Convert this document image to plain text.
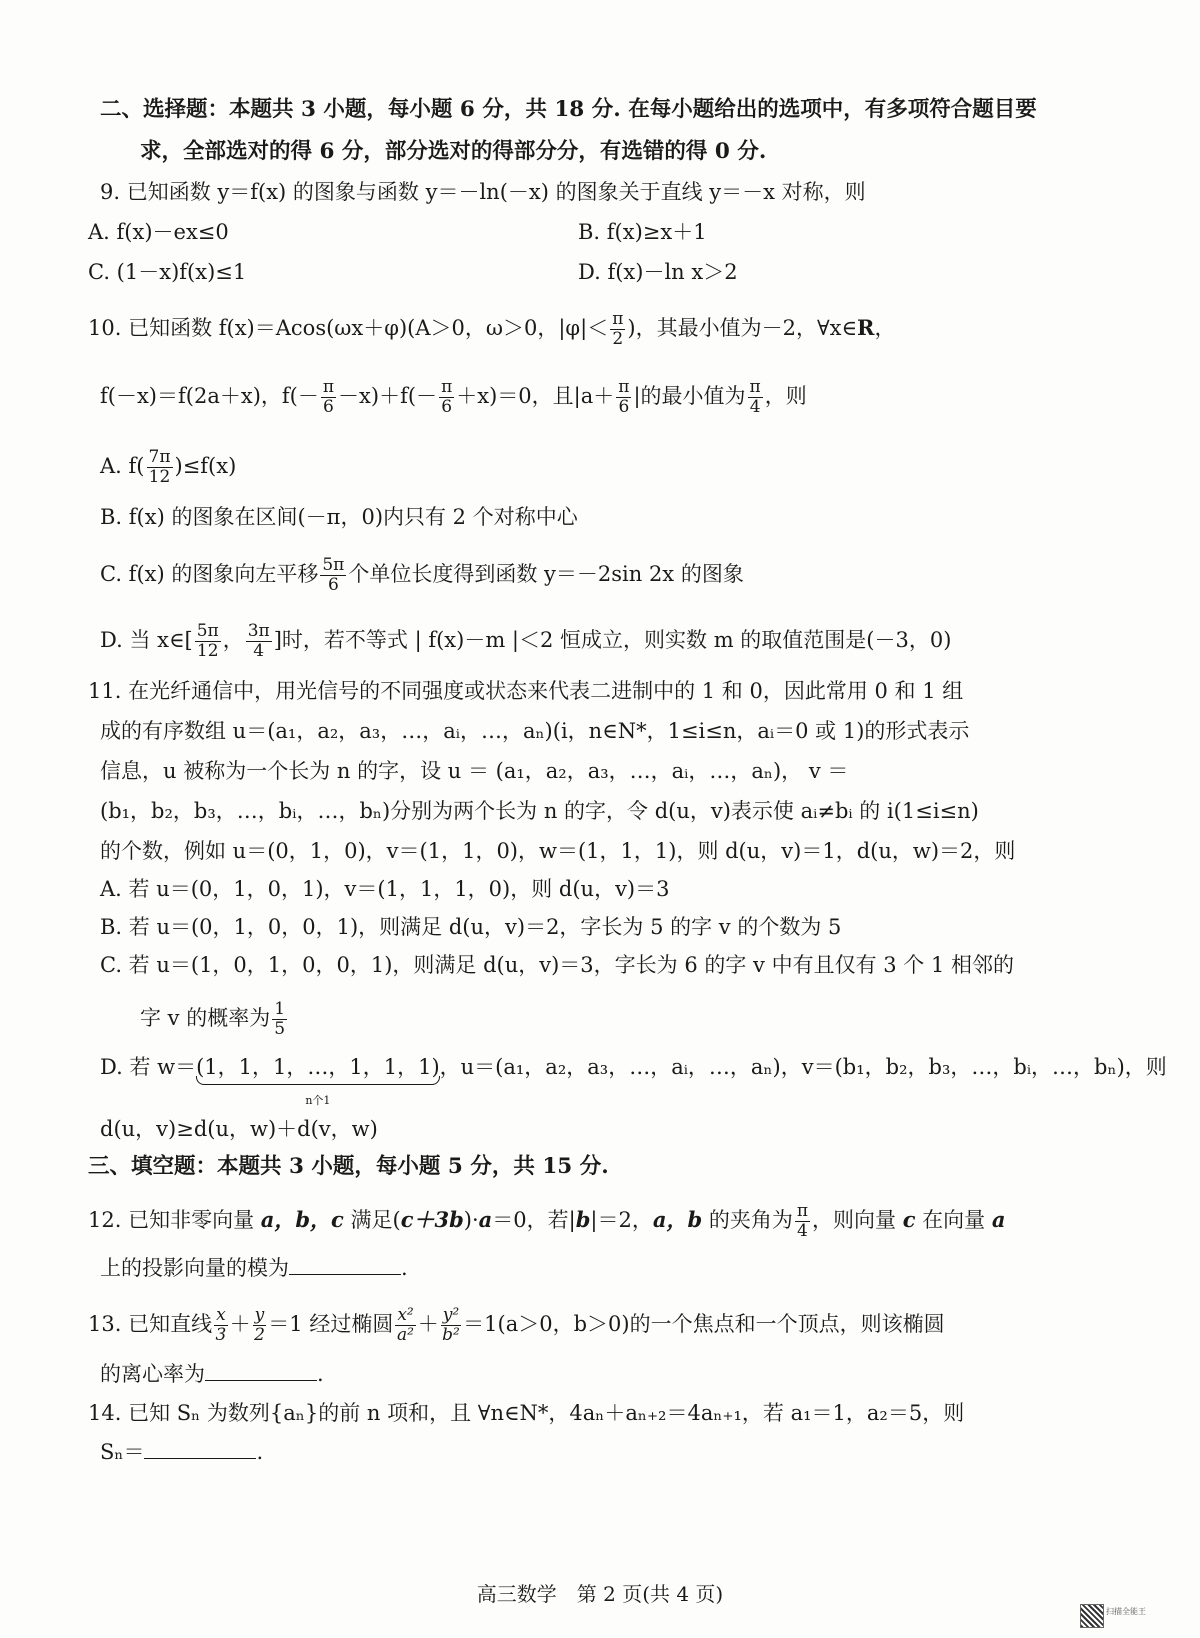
二、选择题：本题共 3 小题，每小题 6 分，共 18 分. 在每小题给出的选项中，有多项符合题目要
求，全部选对的得 6 分，部分选对的得部分分，有选错的得 0 分.
9. 已知函数 y＝f(x) 的图象与函数 y＝－ln(－x) 的图象关于直线 y＝－x 对称，则
A. f(x)－ex≤0	B. f(x)≥x＋1
C. (1－x)f(x)≤1	D. f(x)－ln x＞2
10. 已知函数 f(x)＝Acos(ωx＋φ)(A＞0，ω＞0，$|\varphi|< \frac{\pi}{2}$ )，其最小值为－2，∀x∈R，
f(－x)＝f(2a＋x)，$f(- \frac{\pi}{6} -x)+f(- \frac{\pi}{6} +x)=0$，且$|a+ \frac{\pi}{6}$ |的最小值为 $\frac{\pi}{4}$ ，则
A. $f( \frac{7\pi}{12} )\le f(x)$
B. f(x) 的图象在区间(－π，0)内只有 2 个对称中心
C. f(x) 的图象向左平移 $\frac{5\pi}{6}$ 个单位长度得到函数 y＝－2sin 2x 的图象
D. 当 x∈[ $\frac{5\pi}{12}$ ， $\frac{3\pi}{4}$ ]时，若不等式 | f(x)－m |＜2 恒成立，则实数 m 的取值范围是(－3，0)
11. 在光纤通信中，用光信号的不同强度或状态来代表二进制中的 1 和 0，因此常用 0 和 1 组
成的有序数组 u＝(a₁，a₂，a₃，…，aᵢ，…，aₙ)(i，n∈N*，1≤i≤n，aᵢ＝0 或 1)的形式表示
信息，u 被称为一个长为 n 的字，设 u ＝ (a₁，a₂，a₃，…，aᵢ，…，aₙ)， v ＝
(b₁，b₂，b₃，…，bᵢ，…，bₙ)分别为两个长为 n 的字，令 d(u，v)表示使 aᵢ≠bᵢ 的 i(1≤i≤n)
的个数，例如 u＝(0，1，0)，v＝(1，1，0)，w＝(1，1，1)，则 d(u，v)＝1，d(u，w)＝2，则
A. 若 u＝(0，1，0，1)，v＝(1，1，1，0)，则 d(u，v)＝3
B. 若 u＝(0，1，0，0，1)，则满足 d(u，v)＝2，字长为 5 的字 v 的个数为 5
C. 若 u＝(1，0，1，0，0，1)，则满足 d(u，v)＝3，字长为 6 的字 v 中有且仅有 3 个 1 相邻的
字 v 的概率为 $\frac{1}{5}$
D. 若 w＝(1，1，1，…，1，1，1)
n个1
，u＝(a₁，a₂，a₃，…，aᵢ，…，aₙ)，v＝(b₁，b₂，b₃，…，bᵢ，…，bₙ)，则
d(u，v)≥d(u，w)＋d(v，w)
三、填空题：本题共 3 小题，每小题 5 分，共 15 分.
12. 已知非零向量 a，b，c 满足(c＋3b)·a＝0，若|b|＝2，a，b 的夹角为 $\frac{\pi}{4}$ ，则向量 c 在向量 a
上的投影向量的模为	.
13. 已知直线 $\frac{x}{3} + \frac{y}{2} =1$ 经过椭圆 $\frac{\text{x²}}{\text{a²}} + \frac{\text{y²}}{\text{b²}} =1(a>0$，b＞0)的一个焦点和一个顶点，则该椭圆
的离心率为	.
14. 已知 Sₙ 为数列{aₙ}的前 n 项和，且 ∀n∈N*，4aₙ＋aₙ₊₂＝4aₙ₊₁，若 a₁＝1，a₂＝5，则
Sₙ＝	.
高三数学　第 2 页(共 4 页)
扫描全能王
